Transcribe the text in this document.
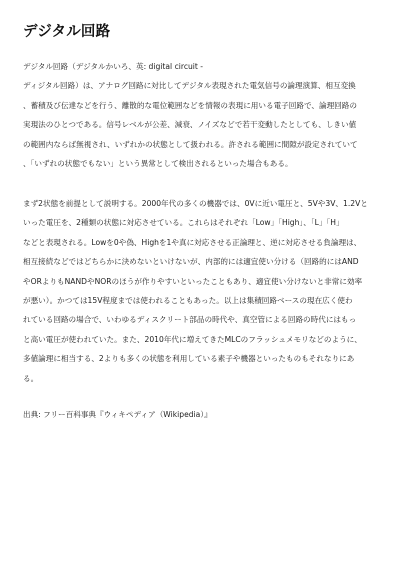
デジタル回路
デジタル回路（デジタルかいろ、英: digital circuit -
ディジタル回路）は、アナログ回路に対比してデジタル表現された電気信号の論理演算、相互変換
、蓄積及び伝達などを行う、離散的な電位範囲などを情報の表現に用いる電子回路で、論理回路の
実現法のひとつである。信号レベルが公差、減衰、ノイズなどで若干変動したとしても、しきい値
の範囲内ならば無視され、いずれかの状態として扱われる。許される範囲に間隙が設定されていて
、「いずれの状態でもない」という異常として検出されるといった場合もある。
まず2状態を前提として説明する。2000年代の多くの機器では、0Vに近い電圧と、5Vや3V、1.2Vと
いった電圧を、2種類の状態に対応させている。これらはそれぞれ「Low」「High」、「L」「H」
などと表現される。Lowを0や偽、Highを1や真に対応させる正論理と、逆に対応させる負論理は、
相互接続などではどちらかに決めないといけないが、内部的には適宜使い分ける（回路的にはAND
やORよりもNANDやNORのほうが作りやすいといったこともあり、適宜使い分けないと非常に効率
が悪い）。かつては15V程度までは使われることもあった。以上は集積回路ベースの現在広く使わ
れている回路の場合で、いわゆるディスクリート部品の時代や、真空管による回路の時代にはもっ
と高い電圧が使われていた。また、2010年代に増えてきたMLCのフラッシュメモリなどのように、
多値論理に相当する、2よりも多くの状態を利用している素子や機器といったものもそれなりにあ
る。
出典: フリー百科事典『ウィキペディア（Wikipedia）』
